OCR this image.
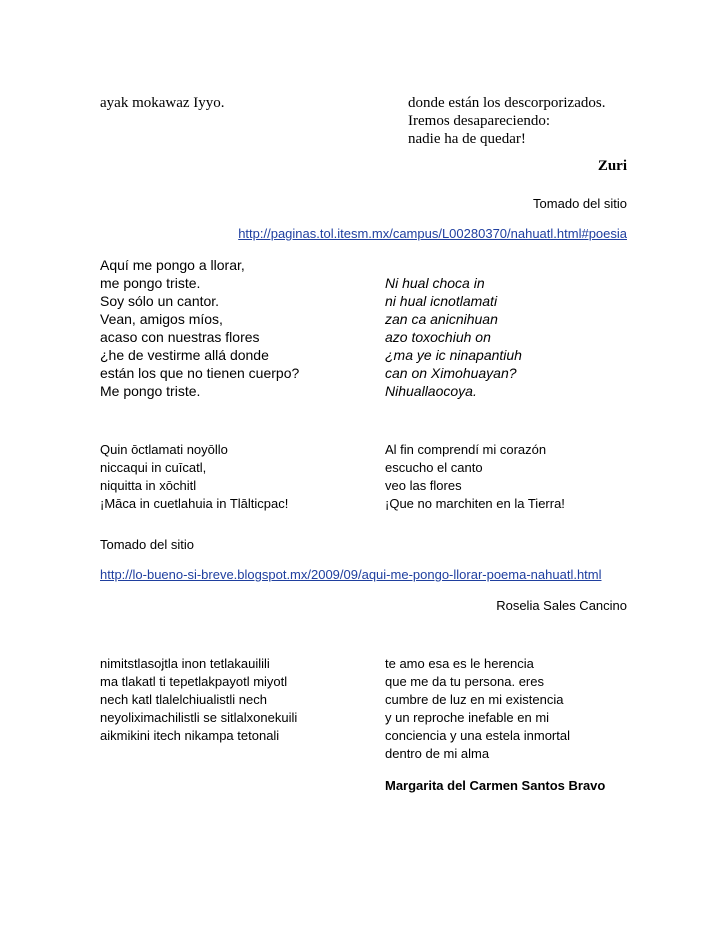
ayak mokawaz Iyyo.	donde están los descorporizados.
Iremos desapareciendo:
nadie ha de quedar!
Zuri
Tomado del sitio
http://paginas.tol.itesm.mx/campus/L00280370/nahuatl.html#poesia
Aquí me pongo a llorar,
me pongo triste.
Soy sólo un cantor.
Vean, amigos míos,
acaso con nuestras flores
¿he de vestirme allá donde
están los que no tienen cuerpo?
Me pongo triste.
Ni hual choca in
ni hual icnotlamati
zan ca anicnihuan
azo toxochiuh on
¿ma ye ic ninapantiuh
can on Ximohuayan?
Nihuallaocoya.
Quin ōctlamati noyōllo
niccaqui in cuīcatl,
niquitta in xōchitl
¡Māca in cuetlahuia in Tlālticpac!
Al fin comprendí mi corazón
escucho el canto
veo las flores
¡Que no marchiten en la Tierra!
Tomado del sitio
http://lo-bueno-si-breve.blogspot.mx/2009/09/aqui-me-pongo-llorar-poema-nahuatl.html
Roselia Sales Cancino
nimitstlasojtla inon tetlakauilili
ma tlakatl ti tepetlakpayotl miyotl
nech katl tlalelchiualistli nech
neyoliximachilistli se sitlalxonekuili
aikmikini itech nikampa tetonali
te amo esa es le herencia
que me da tu persona. eres
cumbre de luz en mi existencia
y un reproche inefable en mi
conciencia y una estela inmortal
dentro de mi alma
Margarita del Carmen Santos Bravo
